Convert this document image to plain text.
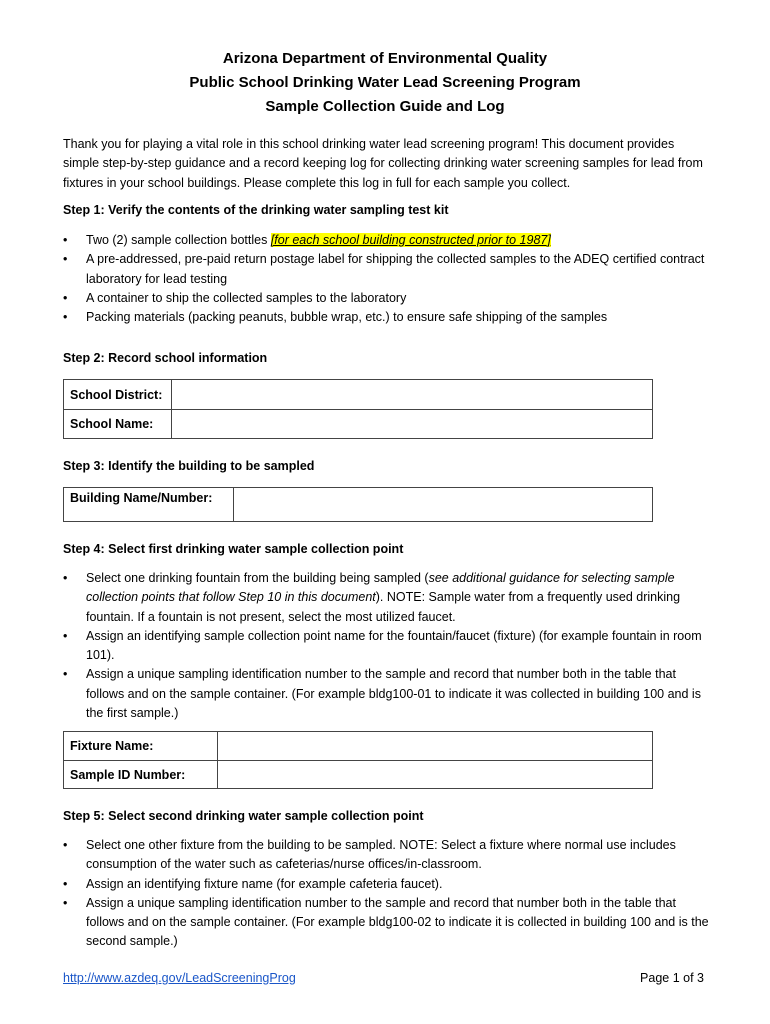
Arizona Department of Environmental Quality
Public School Drinking Water Lead Screening Program
Sample Collection Guide and Log
Thank you for playing a vital role in this school drinking water lead screening program! This document provides simple step-by-step guidance and a record keeping log for collecting drinking water screening samples for lead from fixtures in your school buildings. Please complete this log in full for each sample you collect.
Step 1: Verify the contents of the drinking water sampling test kit
•	Two (2) sample collection bottles [for each school building constructed prior to 1987]
•	A pre-addressed, pre-paid return postage label for shipping the collected samples to the ADEQ certified contract laboratory for lead testing
•	A container to ship the collected samples to the laboratory
•	Packing materials (packing peanuts, bubble wrap, etc.) to ensure safe shipping of the samples
Step 2: Record school information
School District:	
School Name:	
Step 3: Identify the building to be sampled
Building Name/Number:	
Step 4: Select first drinking water sample collection point
•	Select one drinking fountain from the building being sampled (see additional guidance for selecting sample collection points that follow Step 10 in this document). NOTE: Sample water from a frequently used drinking fountain. If a fountain is not present, select the most utilized faucet.
•	Assign an identifying sample collection point name for the fountain/faucet (fixture) (for example fountain in room 101).
•	Assign a unique sampling identification number to the sample and record that number both in the table that follows and on the sample container. (For example bldg100-01 to indicate it was collected in building 100 and is the first sample.)
Fixture Name:	
Sample ID Number:	
Step 5: Select second drinking water sample collection point
•	Select one other fixture from the building to be sampled. NOTE: Select a fixture where normal use includes consumption of the water such as cafeterias/nurse offices/in-classroom.
•	Assign an identifying fixture name (for example cafeteria faucet).
•	Assign a unique sampling identification number to the sample and record that number both in the table that follows and on the sample container. (For example bldg100-02 to indicate it is collected in building 100 and is the second sample.)
http://www.azdeq.gov/LeadScreeningProg	Page 1 of 3
